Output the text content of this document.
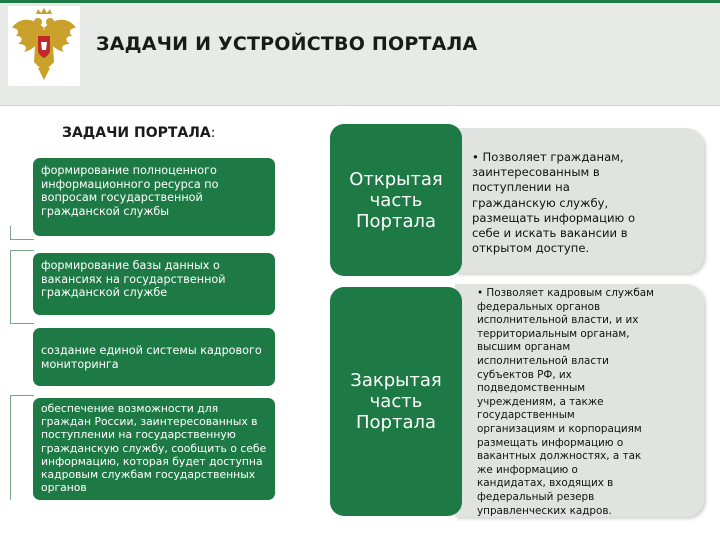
ЗАДАЧИ И УСТРОЙСТВО ПОРТАЛА
ЗАДАЧИ ПОРТАЛА:
формирование полноценного информационного ресурса по вопросам государственной гражданской службы
формирование базы данных о вакансиях на государственной гражданской службе
создание единой системы кадрового мониторинга
обеспечение возможности для граждан России, заинтересованных в поступлении на государственную гражданскую службу, сообщить о себе информацию, которая будет доступна кадровым службам государственных органов
• Позволяет гражданам,
заинтересованным в
поступлении на
гражданскую службу,
размещать информацию о
себе и искать вакансии в
открытом доступе.
Открытая часть Портала
• Позволяет кадровым службам
федеральных органов
исполнительной власти, и их
территориальным органам,
высшим органам
исполнительной власти
субъектов РФ, их
подведомственным
учреждениям, а также
государственным
организациям и корпорациям
размещать информацию о
вакантных должностях, а так
же информацию о
кандидатах, входящих в
федеральный резерв
управленческих кадров.
Закрытая часть Портала
